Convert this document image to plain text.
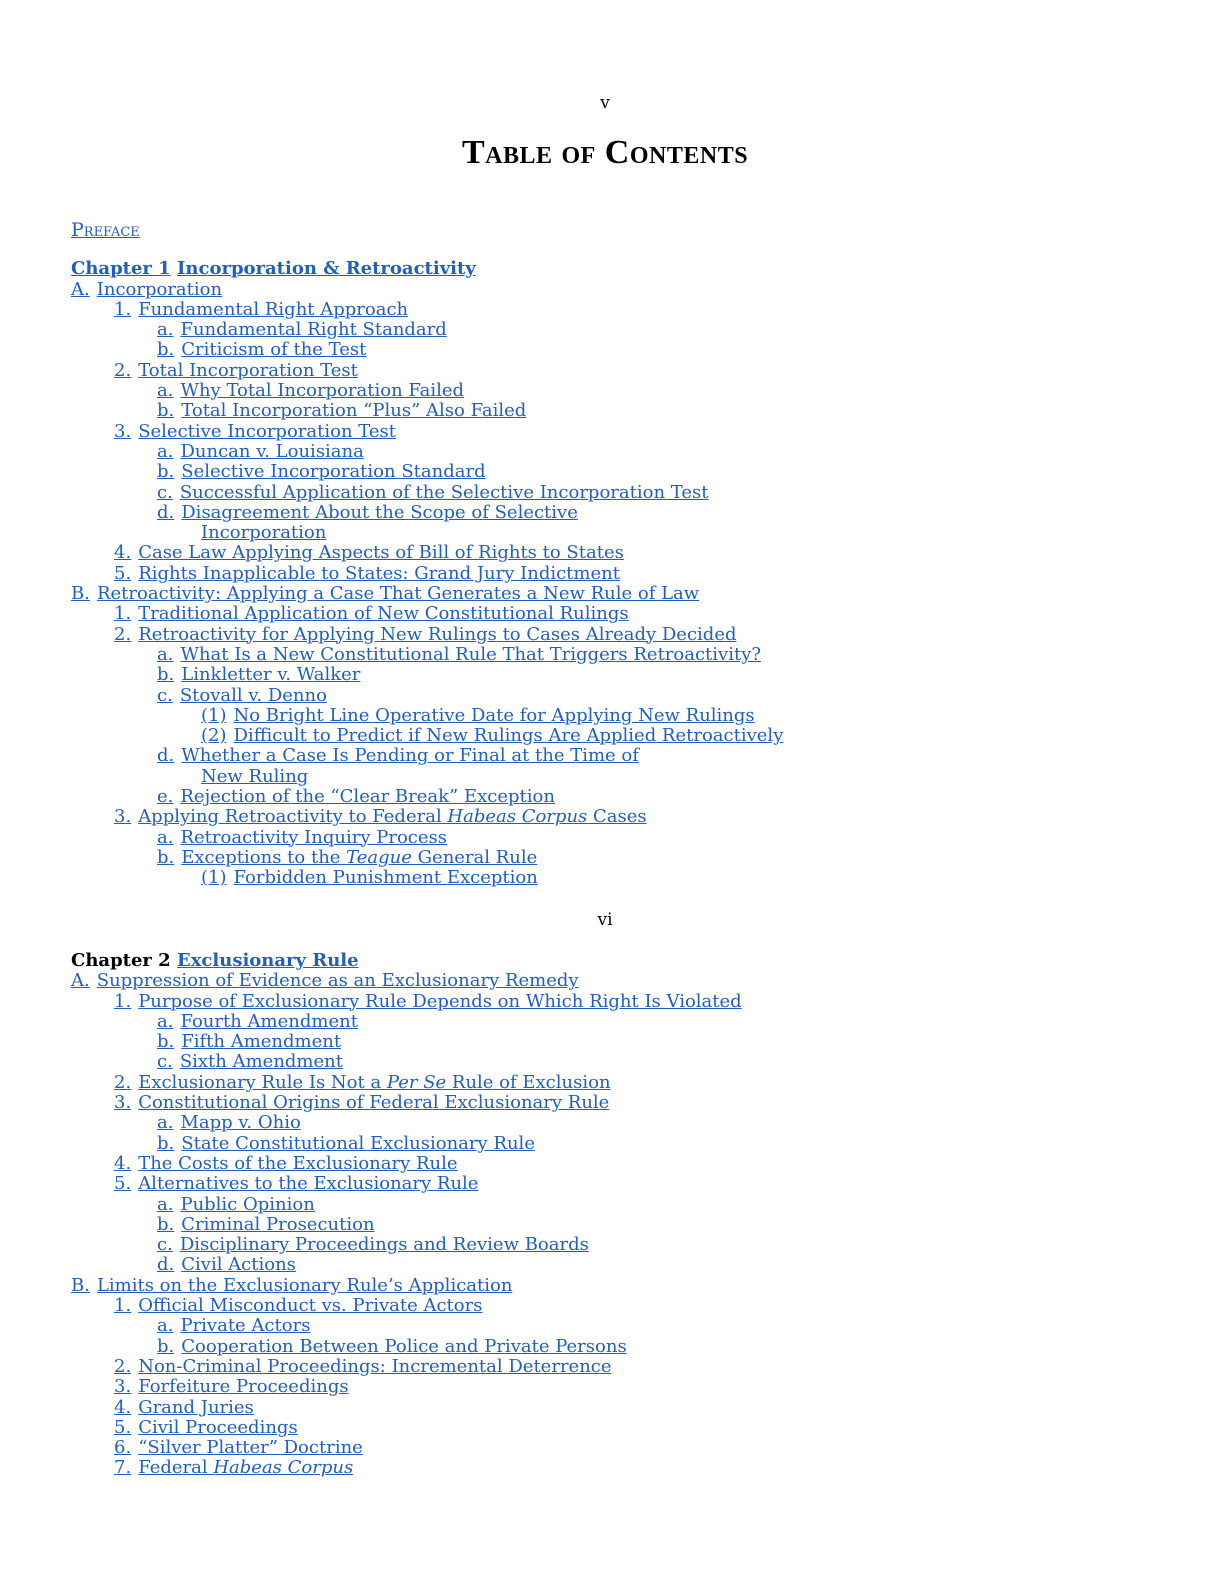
v
Table of Contents
Preface
Chapter 1 Incorporation & Retroactivity
A. Incorporation
1. Fundamental Right Approach
a. Fundamental Right Standard
b. Criticism of the Test
2. Total Incorporation Test
a. Why Total Incorporation Failed
b. Total Incorporation “Plus” Also Failed
3. Selective Incorporation Test
a. Duncan v. Louisiana
b. Selective Incorporation Standard
c. Successful Application of the Selective Incorporation Test
d. Disagreement About the Scope of Selective
Incorporation
4. Case Law Applying Aspects of Bill of Rights to States
5. Rights Inapplicable to States: Grand Jury Indictment
B. Retroactivity: Applying a Case That Generates a New Rule of Law
1. Traditional Application of New Constitutional Rulings
2. Retroactivity for Applying New Rulings to Cases Already Decided
a. What Is a New Constitutional Rule That Triggers Retroactivity?
b. Linkletter v. Walker
c. Stovall v. Denno
(1) No Bright Line Operative Date for Applying New Rulings
(2) Difficult to Predict if New Rulings Are Applied Retroactively
d. Whether a Case Is Pending or Final at the Time of
New Ruling
e. Rejection of the “Clear Break” Exception
3. Applying Retroactivity to Federal Habeas Corpus Cases
a. Retroactivity Inquiry Process
b. Exceptions to the Teague General Rule
(1) Forbidden Punishment Exception
vi
Chapter 2 Exclusionary Rule
A. Suppression of Evidence as an Exclusionary Remedy
1. Purpose of Exclusionary Rule Depends on Which Right Is Violated
a. Fourth Amendment
b. Fifth Amendment
c. Sixth Amendment
2. Exclusionary Rule Is Not a Per Se Rule of Exclusion
3. Constitutional Origins of Federal Exclusionary Rule
a. Mapp v. Ohio
b. State Constitutional Exclusionary Rule
4. The Costs of the Exclusionary Rule
5. Alternatives to the Exclusionary Rule
a. Public Opinion
b. Criminal Prosecution
c. Disciplinary Proceedings and Review Boards
d. Civil Actions
B. Limits on the Exclusionary Rule’s Application
1. Official Misconduct vs. Private Actors
a. Private Actors
b. Cooperation Between Police and Private Persons
2. Non-Criminal Proceedings: Incremental Deterrence
3. Forfeiture Proceedings
4. Grand Juries
5. Civil Proceedings
6. “Silver Platter” Doctrine
7. Federal Habeas Corpus
